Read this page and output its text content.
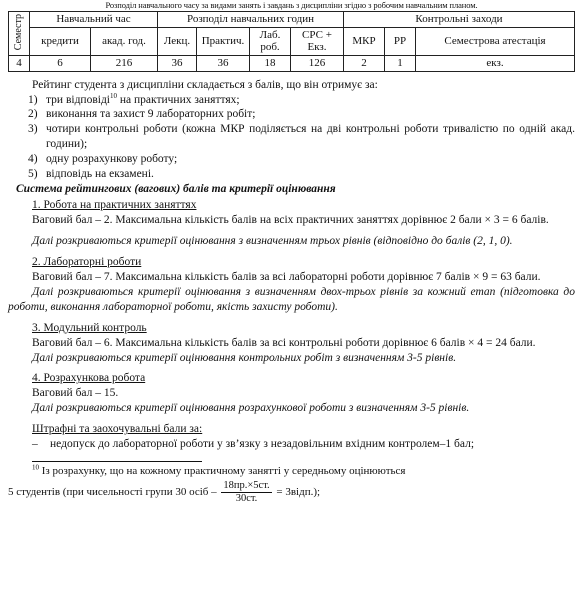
Розподіл навчального часу за видами занять і завдань з дисципліни згідно з робочим навчальним планом.
Семестр	Навчальний час		Розподіл навчальних годин				Контрольні заходи		
	кредити	акад. год.	Лекц.	Практич.	Лаб. роб.	СРС + Екз.	МКР	РР	Семестрова атестація
4	6	216	36	36	18	126	2	1	екз.

Рейтинг студента з дисципліни складається з балів, що він отримує за:

1) три відповіді$^{10}$ на практичних заняттях;
2) виконання та захист 9 лабораторних робіт;
3) чотири контрольні роботи (кожна МКР поділяється на дві контрольні роботи тривалістю по одній акад. години);
4) одну розрахункову роботу;
5) відповідь на екзамені.

Система рейтингових (вагових) балів та критерії оцінювання

1. Робота на практичних заняттях

Ваговий бал – 2. Максимальна кількість балів на всіх практичних заняттях дорівнює 2 бали × 3 = 6 балів.

Далі розкриваються критерії оцінювання з визначенням трьох рівнів (відповідно до балів (2, 1, 0).

2. Лабораторні роботи

Ваговий бал – 7. Максимальна кількість балів за всі лабораторні роботи дорівнює 7 балів × 9 = 63 бали.

Далі розкриваються критерії оцінювання з визначенням двох-трьох рівнів за кожний етап (підготовка до роботи, виконання лабораторної роботи, якість захисту роботи).

3. Модульний контроль

Ваговий бал – 6. Максимальна кількість балів за всі контрольні роботи дорівнює 6 балів × 4 = 24 бали.

Далі розкриваються критерії оцінювання контрольних робіт з визначенням 3-5 рівнів.

4. Розрахункова робота

Ваговий бал – 15.

Далі розкриваються критерії оцінювання розрахункової роботи з визначенням 3-5 рівнів.

Штрафні та заохочувальні бали за:

–	недопуск до лабораторної роботи у зв’язку з незадовільним вхідним контролем–1 бал;

$^{10}$ Із розрахунку, що на кожному практичному занятті у середньому оцінюються

5 студентів (при чисельності групи 30 осіб – $\frac{18пр.\times 5ст.}{30ст.}$ = 3відп.);
